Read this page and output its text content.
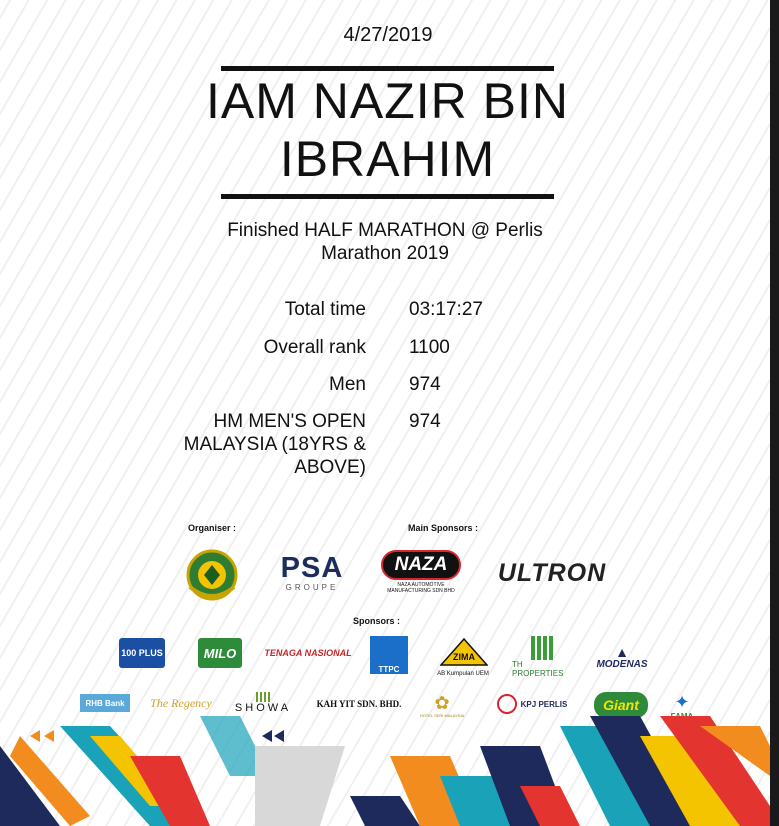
4/27/2019
IAM NAZIR BIN IBRAHIM
Finished HALF MARATHON @ Perlis Marathon 2019
Total time 03:17:27
Overall rank 1100
Men 974
HM MEN'S OPEN MALAYSIA (18YRS & ABOVE)
974
Organiser :	Main Sponsors :
Sponsors :
PSA
GROUPE
NAZA
NAZA AUTOMOTIVE MANUFACTURING SDN BHD
ULTRON
100 PLUS	MILO	TENAGA NASIONAL
TTPC
ZIMA
AB Kumpulan UEM
TH PROPERTIES
▲
MODENAS
RHB Bank	The Regency SHOWA	KAH YIT SDN. BHD.	✿
HOTEL SERI MALAYSIA
KPJ PERLIS	Giant	✦
